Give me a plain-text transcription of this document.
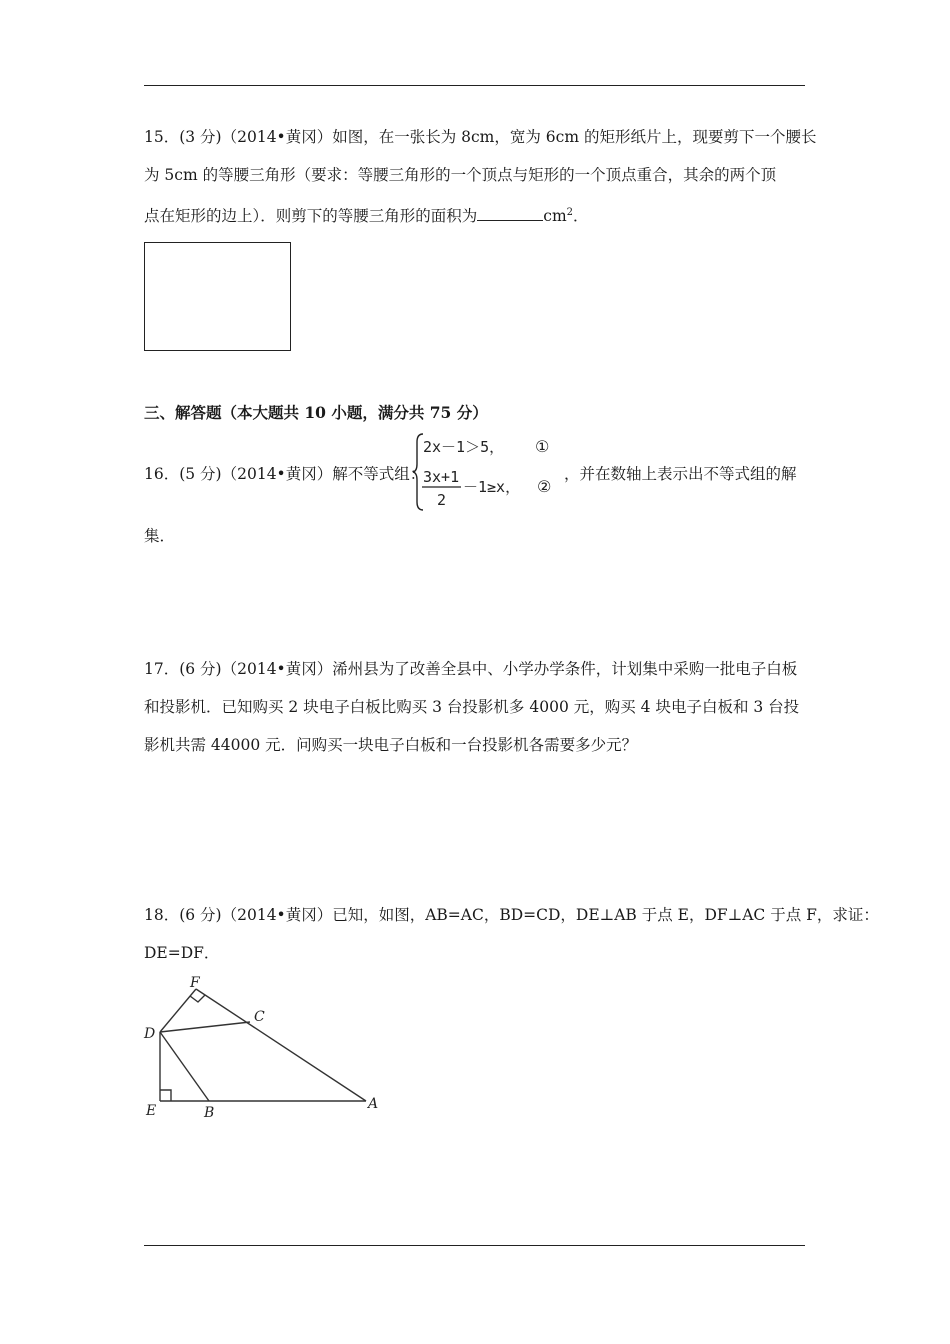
15．(3 分)（2014•黄冈）如图，在一张长为 8cm，宽为 6cm 的矩形纸片上，现要剪下一个腰长
为 5cm 的等腰三角形（要求：等腰三角形的一个顶点与矩形的一个顶点重合，其余的两个顶
点在矩形的边上）．则剪下的等腰三角形的面积为	$cm^2$．
三、解答题（本大题共 10 小题，满分共 75 分）
16．(5 分)（2014•黄冈）解不等式组：
2x－1＞5， ①
3x+1
2
－1≥x， ②
，并在数轴上表示出不等式组的解
集．
17．(6 分)（2014•黄冈）浠州县为了改善全县中、小学办学条件，计划集中采购一批电子白板
和投影机．已知购买 2 块电子白板比购买 3 台投影机多 4000 元，购买 4 块电子白板和 3 台投
影机共需 44000 元．问购买一块电子白板和一台投影机各需要多少元？
18．(6 分)（2014•黄冈）已知，如图，AB=AC，BD=CD，DE⊥AB 于点 E，DF⊥AC 于点 F，求证：
DE=DF．
F
C
D
E	B
A
